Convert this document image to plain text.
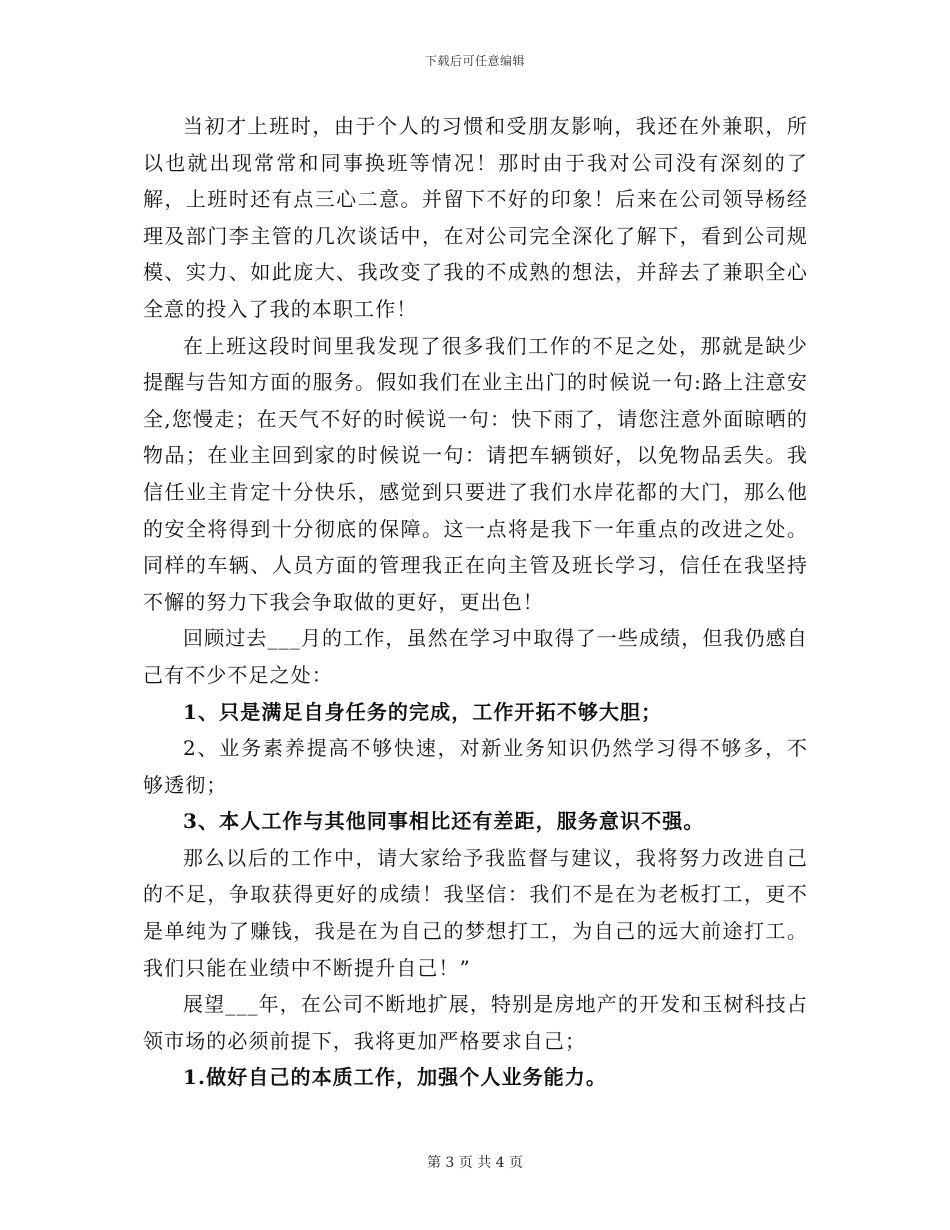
下载后可任意编辑

当初才上班时，由于个人的习惯和受朋友影响，我还在外兼职，所以也就出现常常和同事换班等情况！那时由于我对公司没有深刻的了解，上班时还有点三心二意。并留下不好的印象！后来在公司领导杨经理及部门李主管的几次谈话中，在对公司完全深化了解下，看到公司规模、实力、如此庞大、我改变了我的不成熟的想法，并辞去了兼职全心全意的投入了我的本职工作！

在上班这段时间里我发现了很多我们工作的不足之处，那就是缺少提醒与告知方面的服务。假如我们在业主出门的时候说一句:路上注意安全,您慢走；在天气不好的时候说一句：快下雨了，请您注意外面晾晒的物品；在业主回到家的时候说一句：请把车辆锁好，以免物品丢失。我信任业主肯定十分快乐，感觉到只要进了我们水岸花都的大门，那么他的安全将得到十分彻底的保障。这一点将是我下一年重点的改进之处。同样的车辆、人员方面的管理我正在向主管及班长学习，信任在我坚持不懈的努力下我会争取做的更好，更出色！

回顾过去___月的工作，虽然在学习中取得了一些成绩，但我仍感自己有不少不足之处：

1、只是满足自身任务的完成，工作开拓不够大胆；

2、业务素养提高不够快速，对新业务知识仍然学习得不够多，不够透彻；

3、本人工作与其他同事相比还有差距，服务意识不强。

那么以后的工作中，请大家给予我监督与建议，我将努力改进自己的不足，争取获得更好的成绩！我坚信：我们不是在为老板打工，更不是单纯为了赚钱，我是在为自己的梦想打工，为自己的远大前途打工。我们只能在业绩中不断提升自己！”

展望___年，在公司不断地扩展，特别是房地产的开发和玉树科技占领市场的必须前提下，我将更加严格要求自己；

1.做好自己的本质工作，加强个人业务能力。

第 3 页 共 4 页
